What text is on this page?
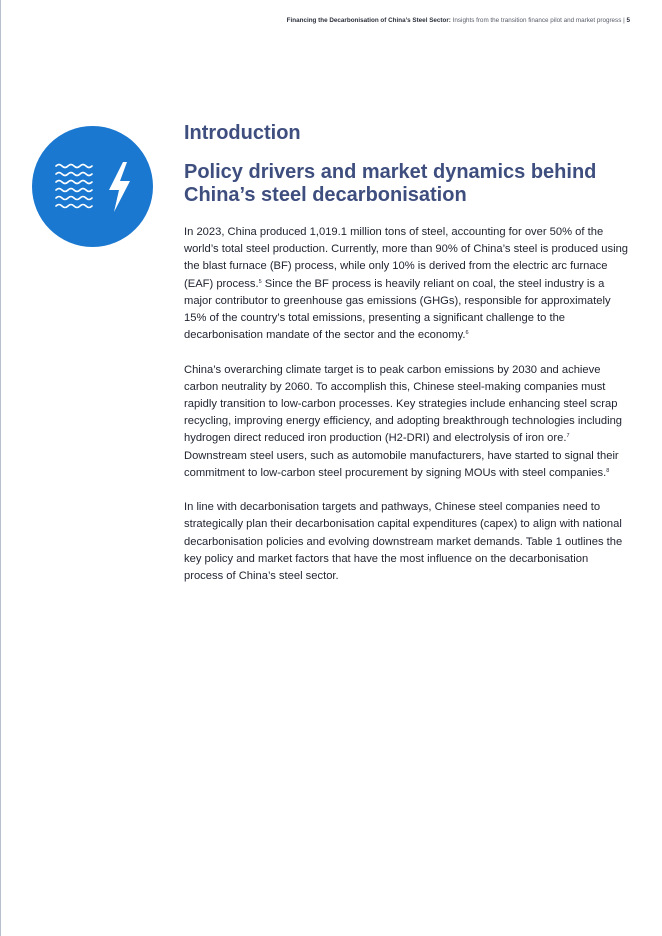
Financing the Decarbonisation of China’s Steel Sector: Insights from the transition finance pilot and market progress | 5
Introduction
Policy drivers and market dynamics behind China’s steel decarbonisation

In 2023, China produced 1,019.1 million tons of steel, accounting for over 50% of the world’s total steel production. Currently, more than 90% of China’s steel is produced using the blast furnace (BF) process, while only 10% is derived from the electric arc furnace (EAF) process.$^5$ Since the BF process is heavily reliant on coal, the steel industry is a major contributor to greenhouse gas emissions (GHGs), responsible for approximately 15% of the country’s total emissions, presenting a significant challenge to the decarbonisation mandate of the sector and the economy.$^6$

China’s overarching climate target is to peak carbon emissions by 2030 and achieve carbon neutrality by 2060. To accomplish this, Chinese steel-making companies must rapidly transition to low-carbon processes. Key strategies include enhancing steel scrap recycling, improving energy efficiency, and adopting breakthrough technologies including hydrogen direct reduced iron production (H2-DRI) and electrolysis of iron ore.$^7$ Downstream steel users, such as automobile manufacturers, have started to signal their commitment to low-carbon steel procurement by signing MOUs with steel companies.$^8$

In line with decarbonisation targets and pathways, Chinese steel companies need to strategically plan their decarbonisation capital expenditures (capex) to align with national decarbonisation policies and evolving downstream market demands. Table 1 outlines the key policy and market factors that have the most influence on the decarbonisation process of China’s steel sector.
